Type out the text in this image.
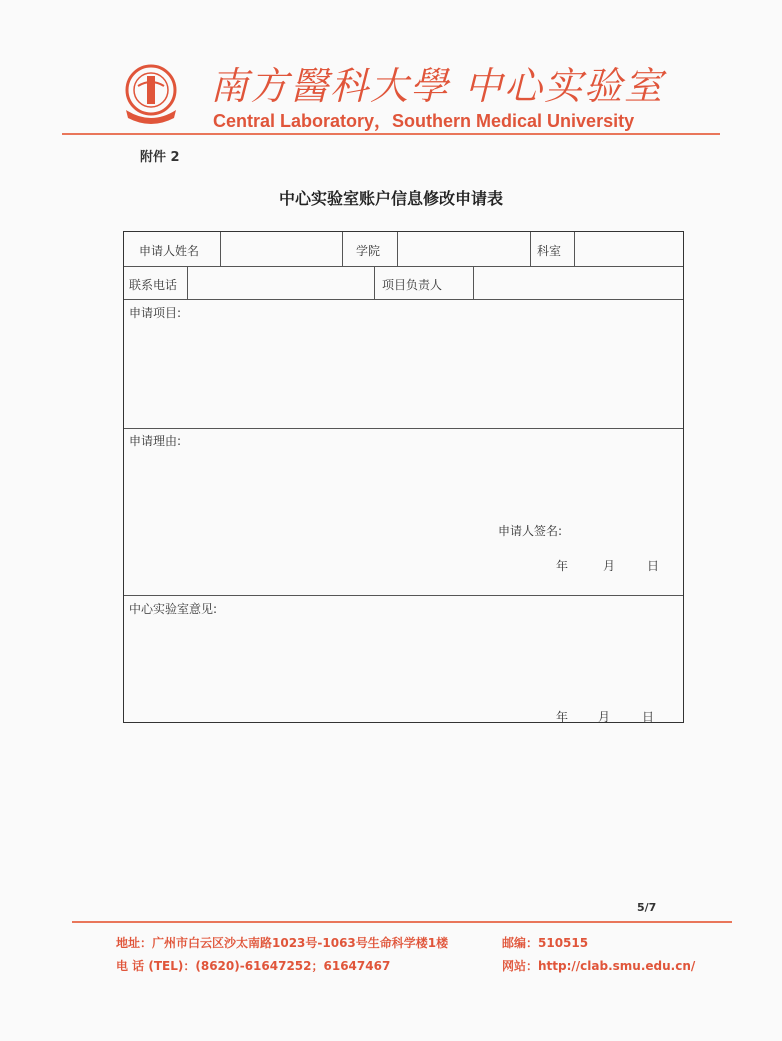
南方醫科大學 中心实验室
Central Laboratory，Southern Medical University
附件 2
中心实验室账户信息修改申请表
申请人姓名	学院	科室
联系电话	项目负责人
申请项目:
申请理由:
申请人签名:
年	月	日
中心实验室意见:
年 月	日
5/7
地址：广州市白云区沙太南路1023号-1063号生命科学楼1楼	邮编：510515
电 话 (TEL)：(8620)-61647252；61647467	网站：http://clab.smu.edu.cn/
